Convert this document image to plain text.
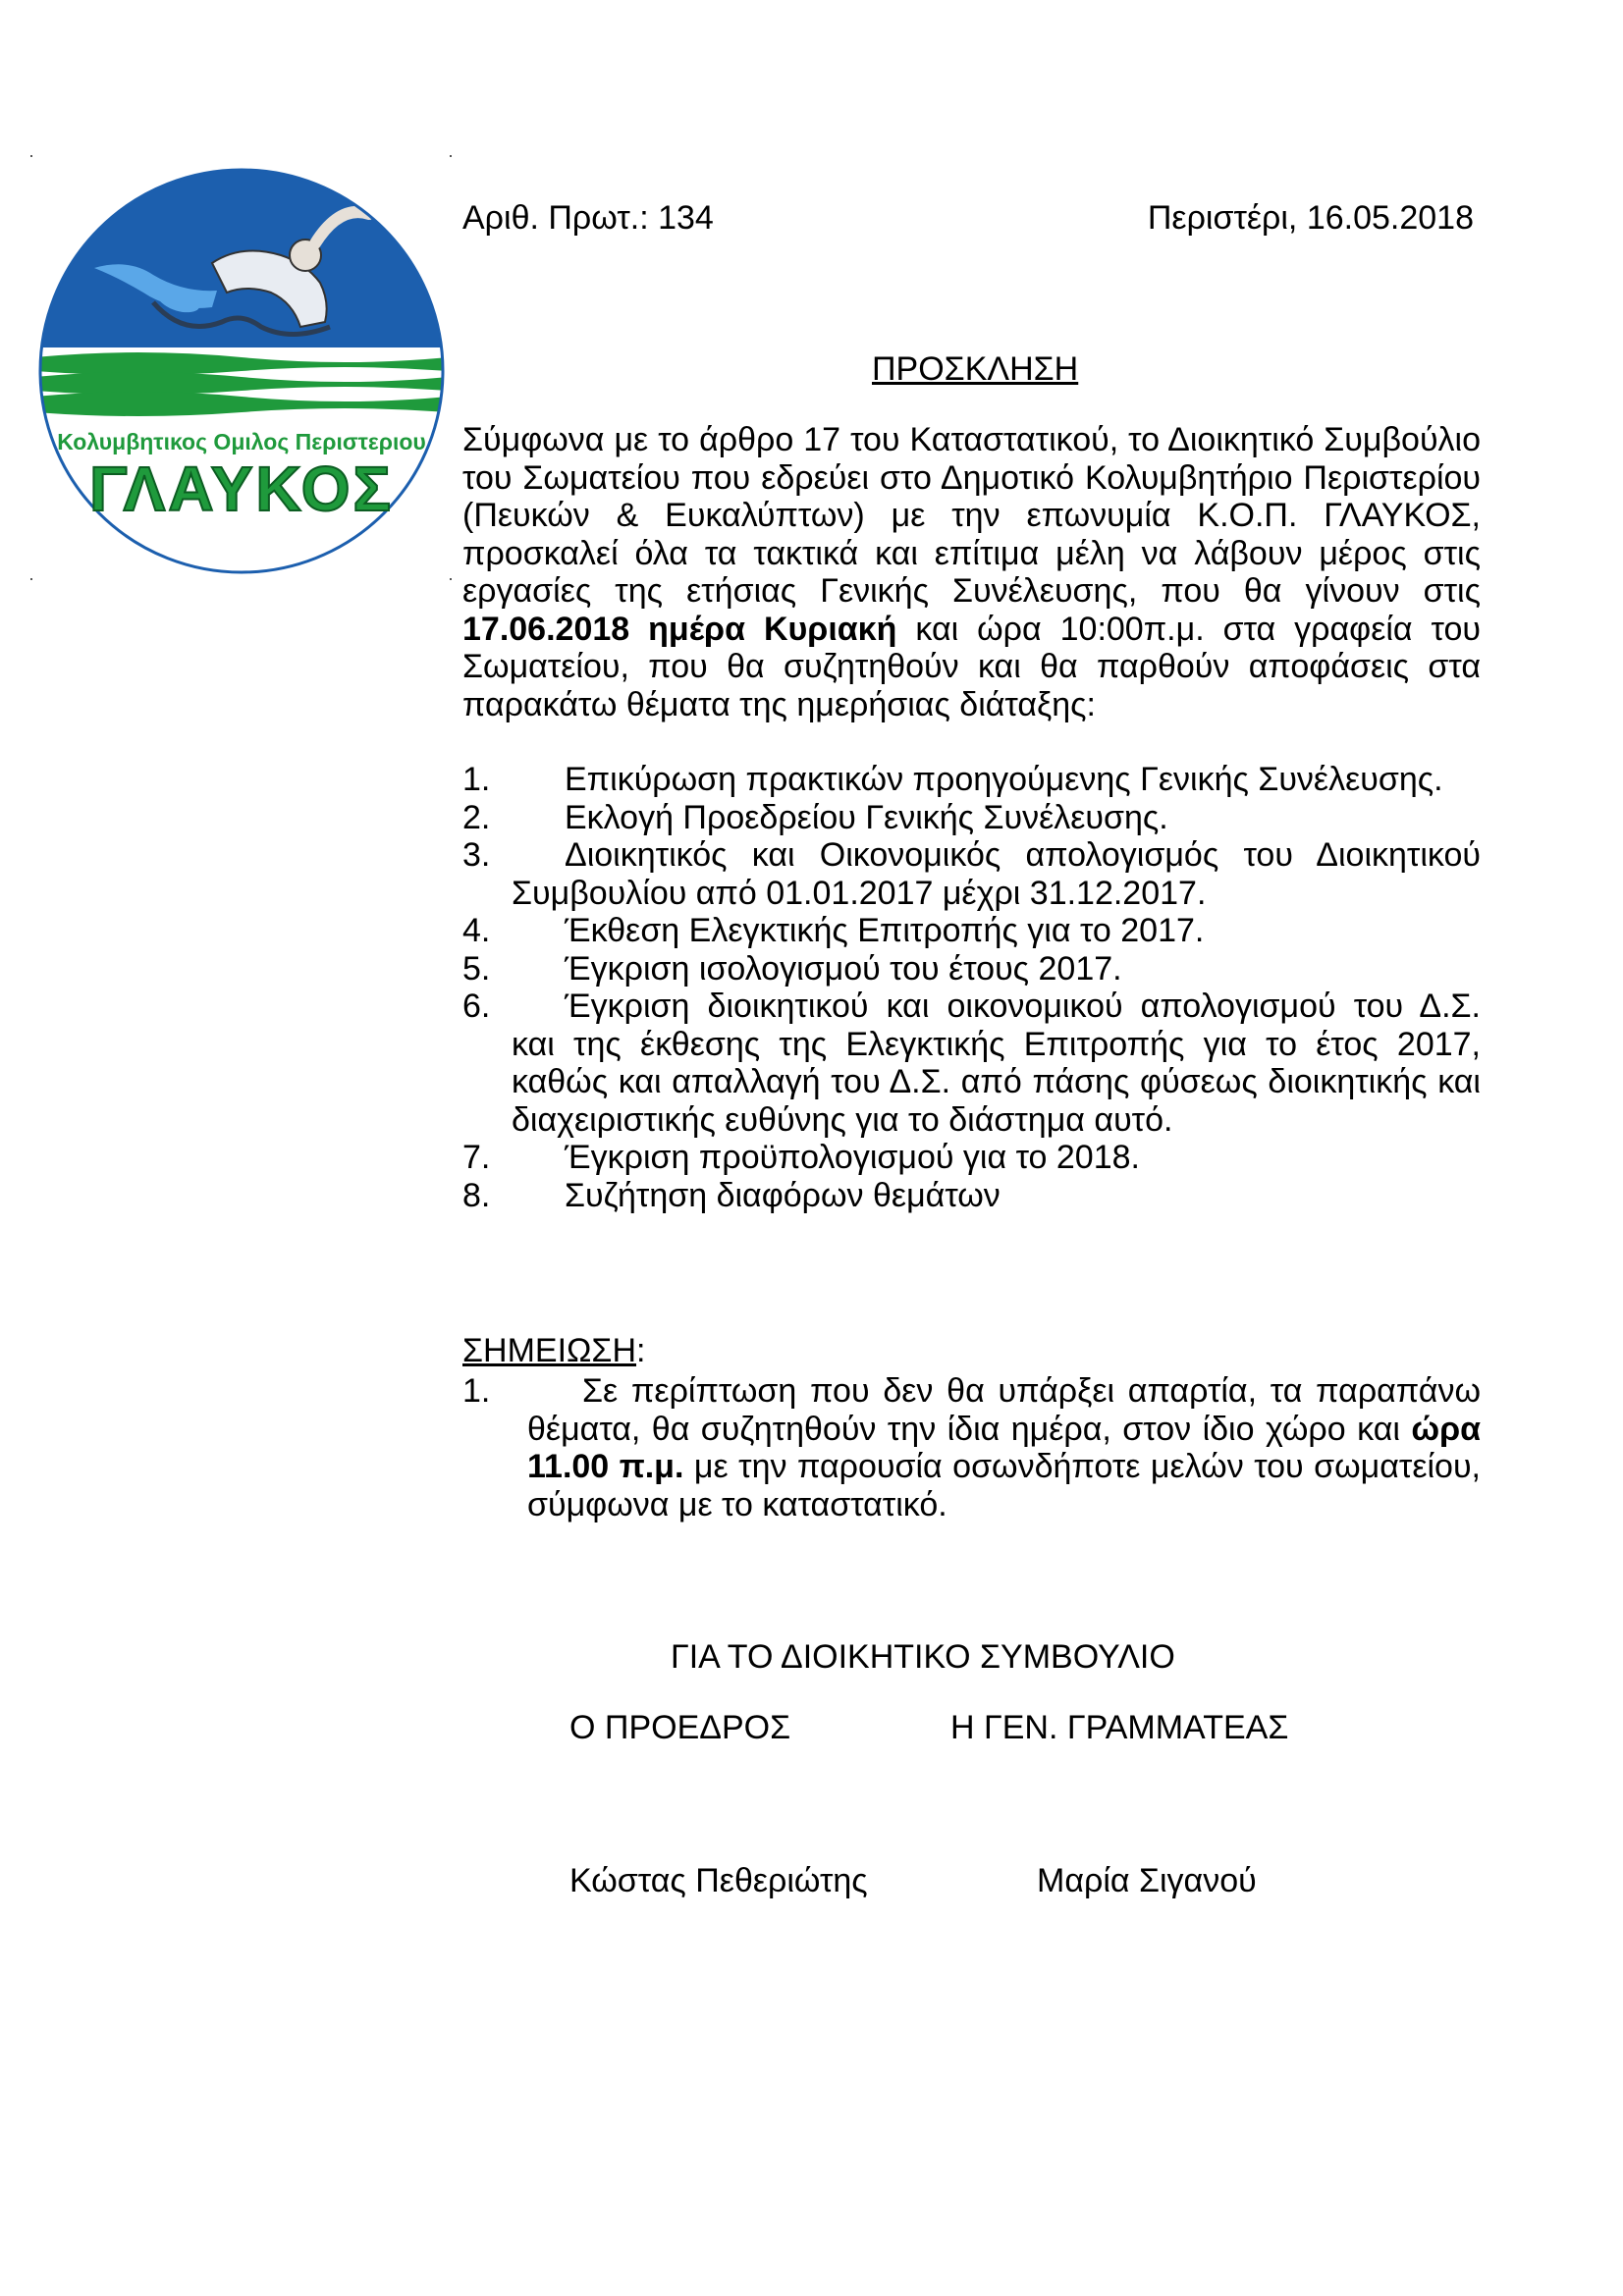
Κολυμβητικος Ομιλος Περιστεριου
ΓΛΑΥΚΟΣ
Αριθ. Πρωτ.: 134	Περιστέρι, 16.05.2018
ΠΡΟΣΚΛΗΣΗ
Σύμφωνα με το άρθρο 17 του Καταστατικού, το Διοικητικό Συμβούλιο
του Σωματείου που εδρεύει στο Δημοτικό Κολυμβητήριο Περιστερίου
(Πευκών & Ευκαλύπτων) με την επωνυμία Κ.Ο.Π. ΓΛΑΥΚΟΣ,
προσκαλεί όλα τα τακτικά και επίτιμα μέλη να λάβουν μέρος στις
εργασίες της ετήσιας Γενικής Συνέλευσης, που θα γίνουν στις
17.06.2018 ημέρα Κυριακή και ώρα 10:00π.μ. στα γραφεία του
Σωματείου, που θα συζητηθούν και θα παρθούν αποφάσεις στα
παρακάτω θέματα της ημερήσιας διάταξης:
1. Επικύρωση πρακτικών προηγούμενης Γενικής Συνέλευσης.
2. Εκλογή Προεδρείου Γενικής Συνέλευσης.
3.	Διοικητικός και Οικονομικός απολογισμός του Διοικητικού Συμβουλίου από 01.01.2017 μέχρι 31.12.2017.
4. Έκθεση Ελεγκτικής Επιτροπής για το 2017.
5. Έγκριση ισολογισμού του έτους 2017.
6.	Έγκριση διοικητικού και οικονομικού απολογισμού του Δ.Σ. και της έκθεσης της Ελεγκτικής Επιτροπής για το έτος 2017, καθώς και απαλλαγή του Δ.Σ. από πάσης φύσεως διοικητικής και διαχειριστικής ευθύνης για το διάστημα αυτό.
7. Έγκριση προϋπολογισμού για το 2018.
8. Συζήτηση διαφόρων θεμάτων
ΣΗΜΕΙΩΣΗ:
1.	Σε περίπτωση που δεν θα υπάρξει απαρτία, τα παραπάνω θέματα, θα συζητηθούν την ίδια ημέρα, στον ίδιο χώρο και ώρα 11.00 π.μ. με την παρουσία οσωνδήποτε μελών του σωματείου, σύμφωνα με το καταστατικό.
ΓΙΑ ΤΟ ΔΙΟΙΚΗΤΙΚΟ ΣΥΜΒΟΥΛΙΟ
Ο ΠΡΟΕΔΡΟΣ	Η ΓΕΝ. ΓΡΑΜΜΑΤΕΑΣ
Κώστας Πεθεριώτης	Μαρία Σιγανού
